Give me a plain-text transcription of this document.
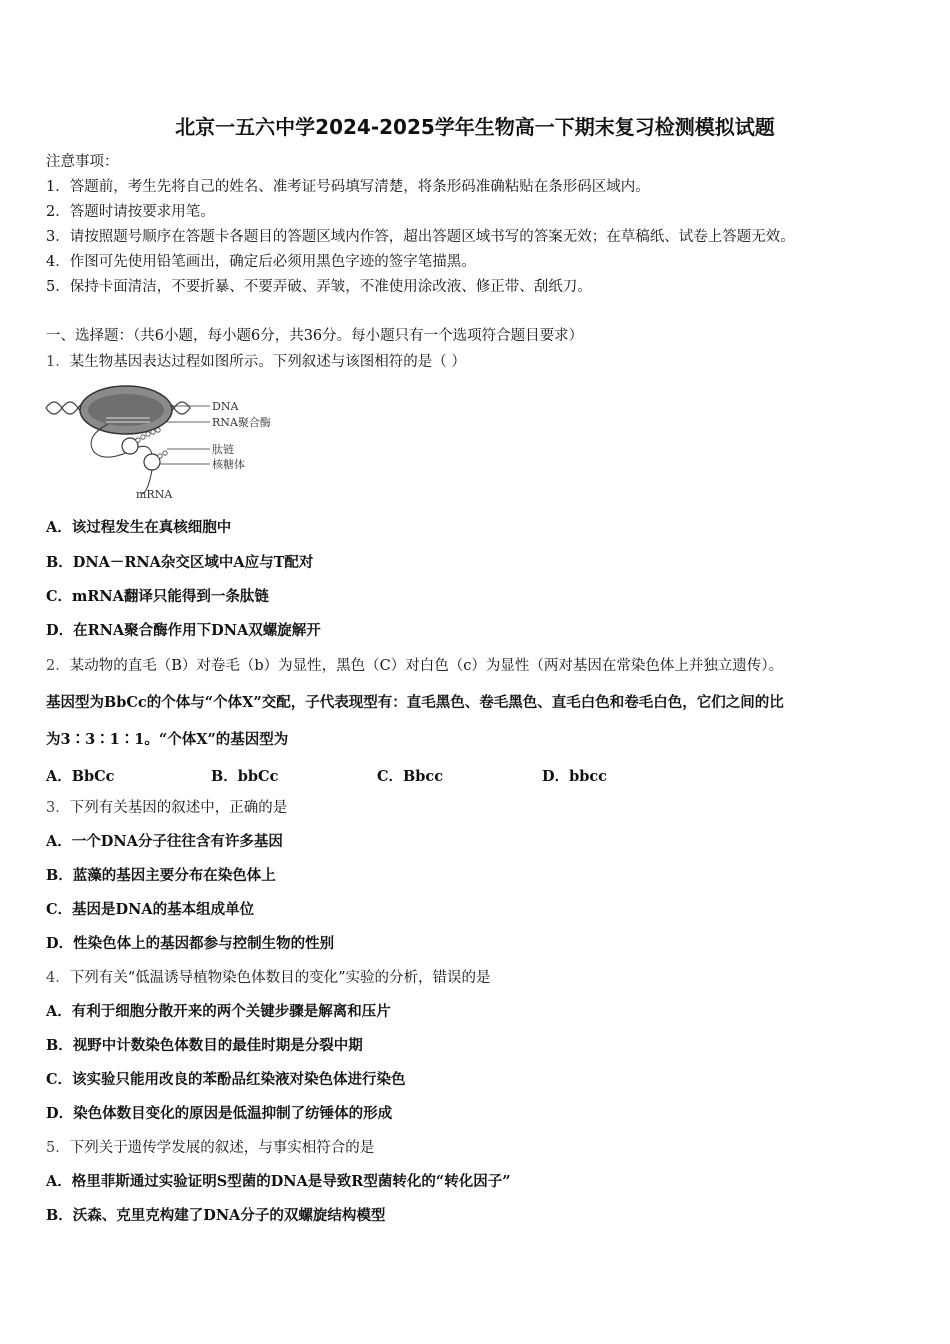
北京一五六中学2024-2025学年生物高一下期末复习检测模拟试题
注意事项：
1．答题前，考生先将自己的姓名、准考证号码填写清楚，将条形码准确粘贴在条形码区域内。
2．答题时请按要求用笔。
3．请按照题号顺序在答题卡各题目的答题区域内作答，超出答题区域书写的答案无效；在草稿纸、试卷上答题无效。
4．作图可先使用铅笔画出，确定后必须用黑色字迹的签字笔描黑。
5．保持卡面清洁，不要折暴、不要弄破、弄皱，不准使用涂改液、修正带、刮纸刀。
一、选择题：（共6小题，每小题6分，共36分。每小题只有一个选项符合题目要求）
1．某生物基因表达过程如图所示。下列叙述与该图相符的是（ ）
DNA
RNA聚合酶
肽链
核糖体
mRNA
A．该过程发生在真核细胞中
B．DNA－RNA杂交区域中A应与T配对
C．mRNA翻译只能得到一条肽链
D．在RNA聚合酶作用下DNA双螺旋解开
2．某动物的直毛（B）对卷毛（b）为显性，黑色（C）对白色（c）为显性（两对基因在常染色体上并独立遗传）。
基因型为BbCc的个体与“个体X”交配，子代表现型有：直毛黑色、卷毛黑色、直毛白色和卷毛白色，它们之间的比
为3∶3∶1∶1。“个体X”的基因型为
A．BbCc	B．bbCc	C．Bbcc	D．bbcc
3．下列有关基因的叙述中，正确的是
A．一个DNA分子往往含有许多基因
B．蓝藻的基因主要分布在染色体上
C．基因是DNA的基本组成单位
D．性染色体上的基因都参与控制生物的性别
4．下列有关“低温诱导植物染色体数目的变化”实验的分析，错误的是
A．有利于细胞分散开来的两个关键步骤是解离和压片
B．视野中计数染色体数目的最佳时期是分裂中期
C．该实验只能用改良的苯酚品红染液对染色体进行染色
D．染色体数目变化的原因是低温抑制了纺锤体的形成
5．下列关于遗传学发展的叙述，与事实相符合的是
A．格里菲斯通过实验证明S型菌的DNA是导致R型菌转化的“转化因子”
B．沃森、克里克构建了DNA分子的双螺旋结构模型
